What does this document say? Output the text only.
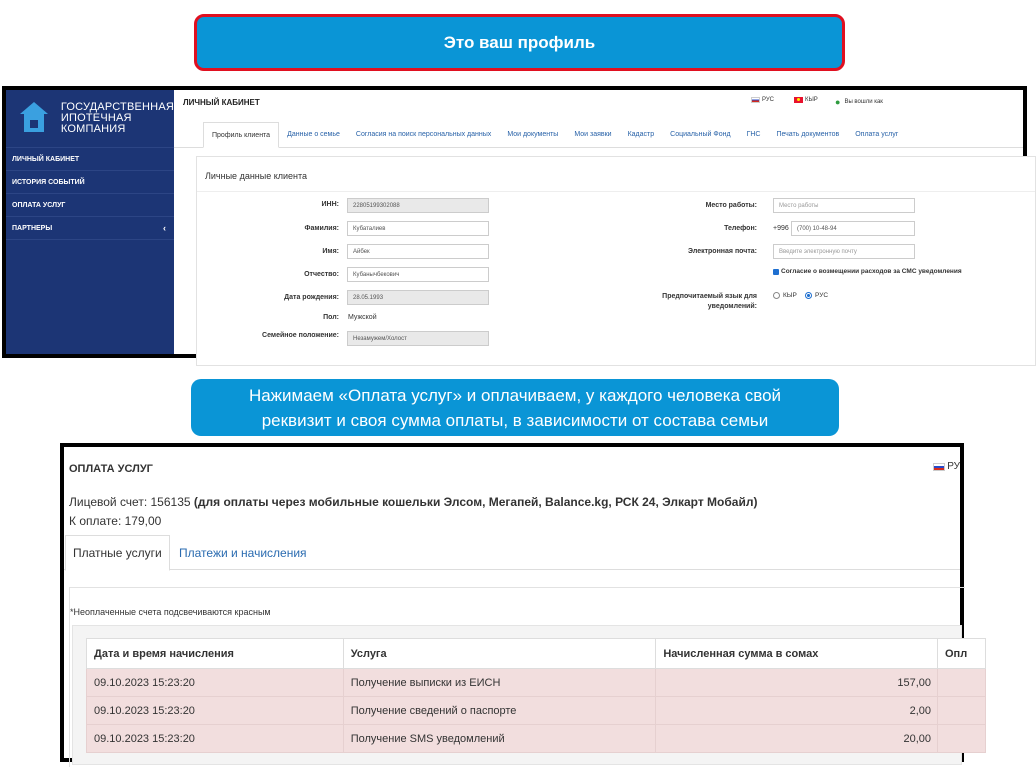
Это ваш профиль
ГОСУДАРСТВЕННАЯ
ИПОТЕЧНАЯ
КОМПАНИЯ
ЛИЧНЫЙ КАБИНЕТ
ИСТОРИЯ СОБЫТИЙ
ОПЛАТА УСЛУГ
ПАРТНЕРЫ	‹
ЛИЧНЫЙ КАБИНЕТ	РУС	КЫР ● Вы вошли как
Профиль клиента	Данные о семье	Согласия на поиск персональных данных	Мои документы	Мои заявки	Кадастр	Социальный Фонд	ГНС	Печать документов	Оплата услуг
Личные данные клиента
ИНН:	22805199302088
Фамилия:	Кубаталиев
Имя:	Айбек
Отчество:	Кубанычбекович
Дата рождения:	28.05.1993
Пол: Мужской
Семейное положение:	Незамужем/Холост
Место работы:	Место работы
Телефон: +996	(700) 10-48-94
Электронная почта:	Введите электронную почту
Согласие о возмещении расходов за СМС уведомления
Предпочитаемый язык для
уведомлений:
КЫР	РУС
Нажимаем «Оплата услуг» и оплачиваем, у каждого человека свой
реквизит и своя сумма оплаты, в зависимости от состава семьи
ОПЛАТА УСЛУГ	РУ
Лицевой счет: 156135 (для оплаты через мобильные кошельки Элсом, Мегапей, Balance.kg, РСК 24, Элкарт Мобайл)
К оплате: 179,00
Платные услуги	Платежи и начисления
*Неоплаченные счета подсвечиваются красным
Дата и время начисления	Услуга	Начисленная сумма в сомах	Опл
09.10.2023 15:23:20	Получение выписки из ЕИСН	157,00	
09.10.2023 15:23:20	Получение сведений о паспорте	2,00	
09.10.2023 15:23:20	Получение SMS уведомлений	20,00	
